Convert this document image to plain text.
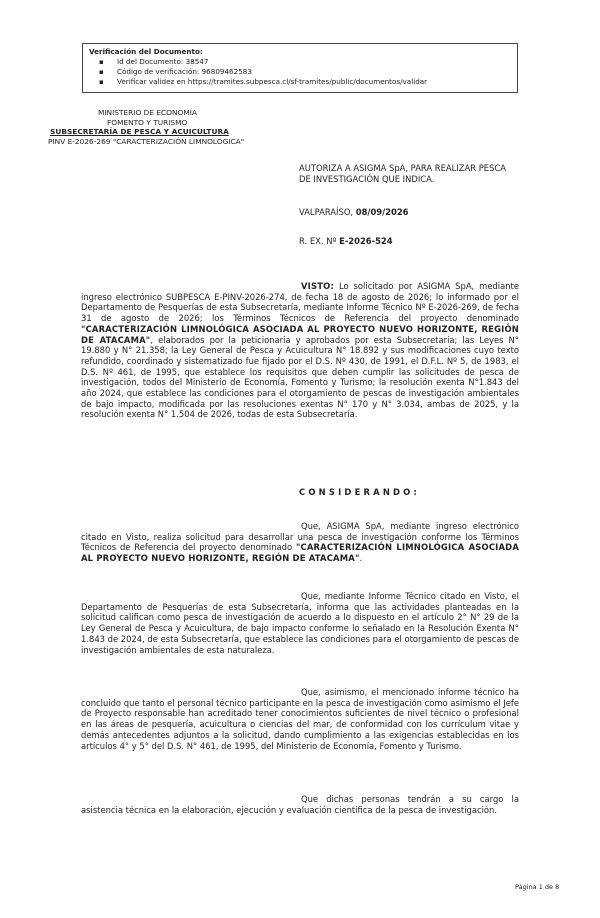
Verificación del Documento:
▪ Id del Documento: 38547
▪ Código de verificación: 96809462583
▪ Verificar validez en https://tramites.subpesca.cl/sf-tramites/public/documentos/validar
MINISTERIO DE ECONOMÍA
FOMENTO Y TURISMO
SUBSECRETARÍA DE PESCA Y ACUICULTURA
PINV E-2026-269 "CARACTERIZACIÓN LIMNOLOGICA"
AUTORIZA A ASIGMA SpA, PARA REALIZAR PESCA DE INVESTIGACIÓN QUE INDICA.
VALPARAÍSO, 08/09/2026
R. EX. Nº E-2026-524
VISTO: Lo solicitado por ASIGMA SpA, mediante ingreso electrónico SUBPESCA E-PINV-2026-274, de fecha 18 de agosto de 2026; lo informado por el Departamento de Pesquerías de esta Subsecretaría, mediante Informe Técnico Nº E-2026-269, de fecha 31 de agosto de 2026; los Términos Técnicos de Referencia del proyecto denominado "CARACTERIZACIÓN LIMNOLÓGICA ASOCIADA AL PROYECTO NUEVO HORIZONTE, REGIÓN DE ATACAMA", elaborados por la peticionaria y aprobados por esta Subsecretaría; las Leyes N° 19.880 y N° 21.358; la Ley General de Pesca y Acuicultura N° 18.892 y sus modificaciones cuyo texto refundido, coordinado y sistematizado fue fijado por el D.S. Nº 430, de 1991, el D.F.L. Nº 5, de 1983, el D.S. Nº 461, de 1995, que establece los requisitos que deben cumplir las solicitudes de pesca de investigación, todos del Ministerio de Economía, Fomento y Turismo; la resolución exenta N°1.843 del año 2024, que establece las condiciones para el otorgamiento de pescas de investigación ambientales de bajo impacto, modificada por las resoluciones exentas N° 170 y N° 3.034, ambas de 2025, y la resolución exenta N° 1.504 de 2026, todas de esta Subsecretaría.
CONSIDERANDO:
Que, ASIGMA SpA, mediante ingreso electrónico citado en Visto, realiza solicitud para desarrollar una pesca de investigación conforme los Términos Técnicos de Referencia del proyecto denominado "CARACTERIZACIÓN LIMNOLÓGICA ASOCIADA AL PROYECTO NUEVO HORIZONTE, REGIÓN DE ATACAMA".
Que, mediante Informe Técnico citado en Visto, el Departamento de Pesquerías de esta Subsecretaría, informa que las actividades planteadas en la solicitud califican como pesca de investigación de acuerdo a lo dispuesto en el artículo 2° N° 29 de la Ley General de Pesca y Acuicultura, de bajo impacto conforme lo señalado en la Resolución Exenta N° 1.843 de 2024, de esta Subsecretaría, que establece las condiciones para el otorgamiento de pescas de investigación ambientales de esta naturaleza.
Que, asimismo, el mencionado informe técnico ha concluido que tanto el personal técnico participante en la pesca de investigación como asimismo el Jefe de Proyecto responsable han acreditado tener conocimientos suficientes de nivel técnico o profesional en las áreas de pesquería, acuicultura o ciencias del mar, de conformidad con los currículum vitae y demás antecedentes adjuntos a la solicitud, dando cumplimiento a las exigencias establecidas en los artículos 4° y 5° del D.S. N° 461, de 1995, del Ministerio de Economía, Fomento y Turismo.
Que dichas personas tendrán a su cargo la asistencia técnica en la elaboración, ejecución y evaluación científica de la pesca de investigación.
Página 1 de 8
